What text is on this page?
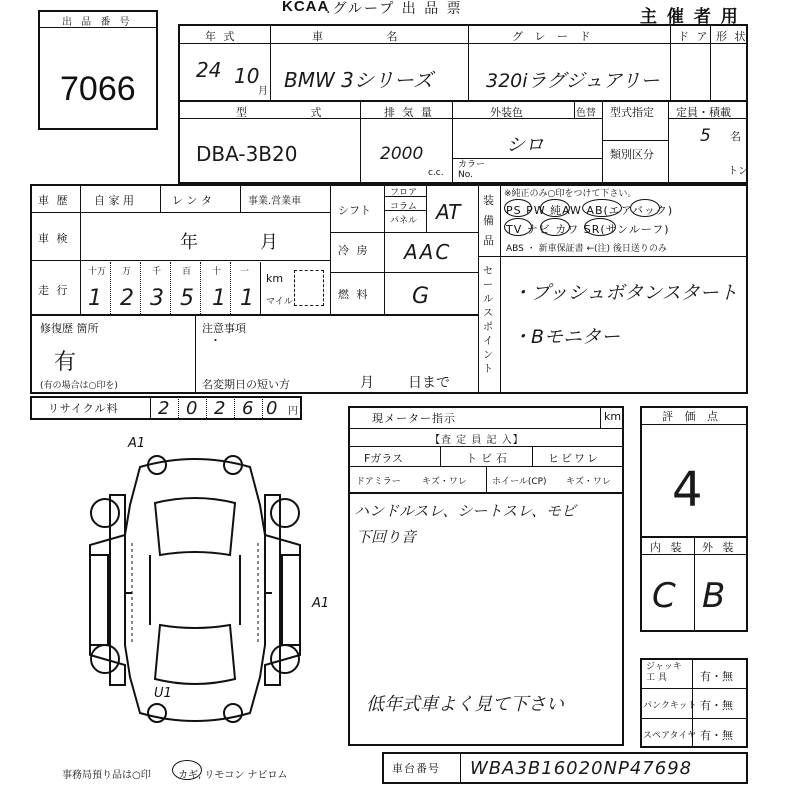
KCAA
.グループ 出 品 票	主 催 者 用
出 品 番 号
7066
年 式
24 10
月
車 名
BMW 3シリーズ
グ レ ー ド
320iラグジュアリー
ド ア 形 状
型 式
DBA-3B20
排 気 量
2000
c.c.
外装色	色替
シロ
カラー No.
型式指定
類別区分
定員・積載
5 名
トン
車 歴 自 家 用	レ ン タ	事業.営業車
車 検	年	月
走 行
十万 万 千 百 十 一
1 2 3 5 1 1
km
マイル
シフト
フロア
コラム
パネル AT
冷 房 AAC
燃 料 G
装
備
品
※純正のみ○印をつけて下さい。
PS PW 純AW AB(エアバック)
TV ナビ カワ SR(サンルーフ)
ABS ・ 新車保証書 ←(注) 後日送りのみ
セ
ー
ル
ス
ポ
イ
ン
ト
・プッシュボタンスタート
・Bモニター
修復歴 箇所
有
(有の場合は○印を)
注意事項
・
名変期日の短い方	月 日まで
リサイクル料 2 0 2 6 0 円
A1
A1
U1
現メーター指示	km
【査 定 員 記 入】
Fガラス	トビ石	ヒビワレ
ドアミラー キズ・ワレ	ホイール(CP) キズ・ワレ
ハンドルスレ、シートスレ、モビ
下回り音
低年式車よく見て下さい
評 価 点
4
内 装 外 装
C B
ジャッキ 工 具	有・無
パンクキット 有・無
スペアタイヤ 有・無
事務局預り品は○印	カギ, リモコン ナビロム
車台番号 WBA3B16020NP47698
